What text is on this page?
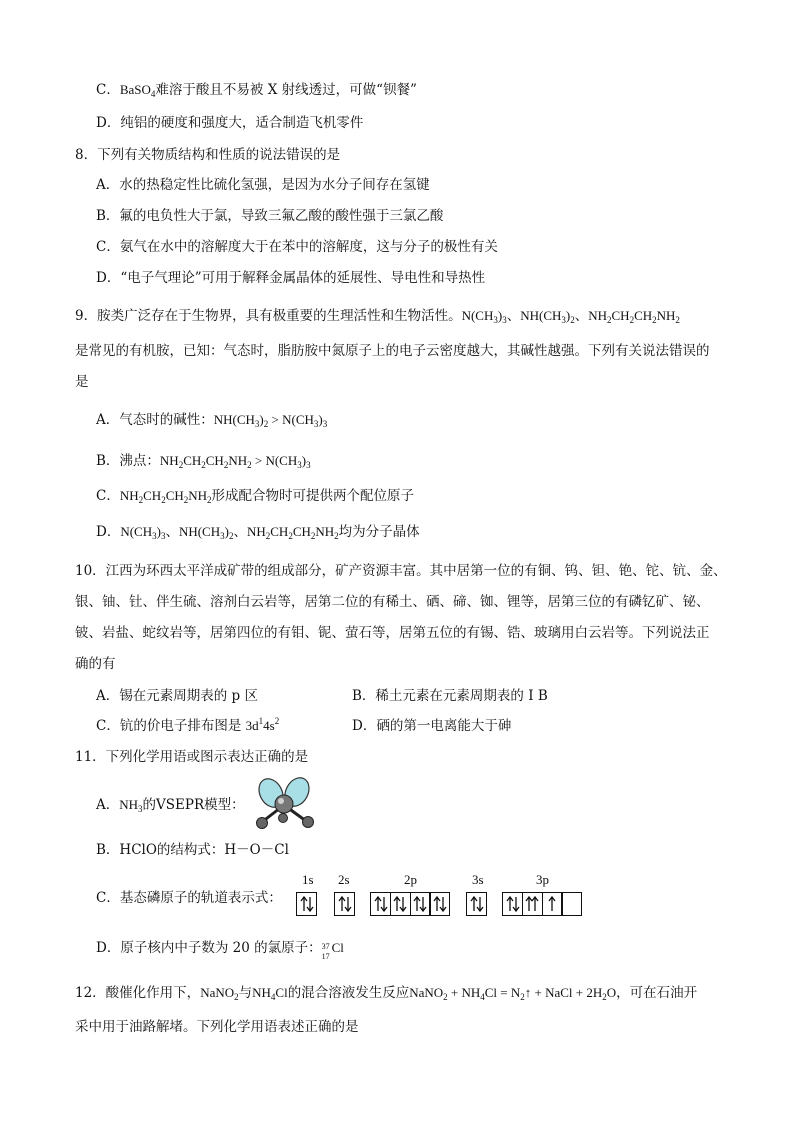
C．BaSO$_4$难溶于酸且不易被 X 射线透过，可做“钡餐”
D．纯铝的硬度和强度大，适合制造飞机零件
8．下列有关物质结构和性质的说法错误的是
A．水的热稳定性比硫化氢强，是因为水分子间存在氢键
B．氟的电负性大于氯，导致三氟乙酸的酸性强于三氯乙酸
C．氨气在水中的溶解度大于在苯中的溶解度，这与分子的极性有关
D．“电子气理论”可用于解释金属晶体的延展性、导电性和导热性
9．胺类广泛存在于生物界，具有极重要的生理活性和生物活性。$N(CH_3)_3$、$NH(CH_3)_2$、$NH_2CH_2CH_2NH_2$
是常见的有机胺，已知：气态时，脂肪胺中氮原子上的电子云密度越大，其碱性越强。下列有关说法错误的
是
A．气态时的碱性：$NH(CH_3)_2 > N(CH_3)_3$
B．沸点：$NH_2CH_2CH_2NH_2 > N(CH_3)_3$
C．$NH_2CH_2CH_2NH_2$形成配合物时可提供两个配位原子
D．$N(CH_3)_3$、$NH(CH_3)_2$、$NH_2CH_2CH_2NH_2$均为分子晶体
10．江西为环西太平洋成矿带的组成部分，矿产资源丰富。其中居第一位的有铜、钨、钽、铯、铊、钪、金、
银、铀、钍、伴生硫、溶剂白云岩等，居第二位的有稀土、硒、碲、铷、锂等，居第三位的有磷钇矿、铋、
铍、岩盐、蛇纹岩等，居第四位的有钼、铌、萤石等，居第五位的有锡、锆、玻璃用白云岩等。下列说法正
确的有
A．锡在元素周期表的 p 区	B．稀土元素在元素周期表的 I B
C．钪的价电子排布图是 $3d^14s^2$	D．硒的第一电离能大于砷
11．下列化学用语或图示表达正确的是
A．$NH_3$的VSEPR模型：
B．HClO的结构式：H－O－Cl
C．基态磷原子的轨道表示式：
1s 2s	2p	3s	3p
D．原子核内中子数为 20 的氯原子： 37
17
Cl
12．酸催化作用下，NaNO$_2$与$NH_4Cl$的混合溶液发生反应NaNO$_2$ + $NH_4Cl$ = $N_2↑$ + NaCl + $2H_2O$，可在石油开
采中用于油路解堵。下列化学用语表述正确的是
